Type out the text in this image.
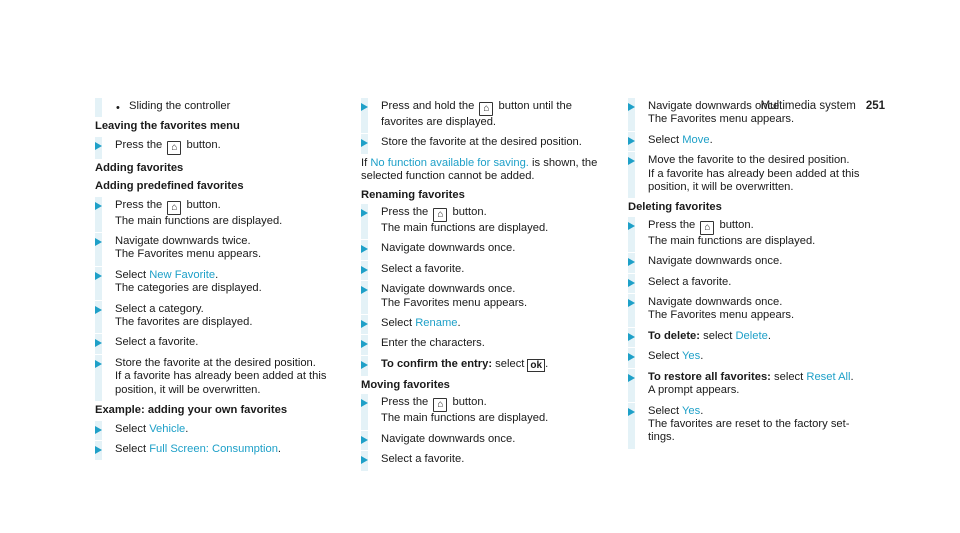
Multimedia system 251
• Sliding the controller
Leaving the favorites menu
Press the ⌂ button.
Adding favorites
Adding predefined favorites
Press the ⌂ button.
The main functions are displayed.
Navigate downwards twice.
The Favorites menu appears.
Select New Favorite.
The categories are displayed.
Select a category.
The favorites are displayed.
Select a favorite.
Store the favorite at the desired position.
If a favorite has already been added at this
position, it will be overwritten.
Example: adding your own favorites
Select Vehicle.
Select Full Screen: Consumption.
Press and hold the ⌂ button until the
favorites are displayed.
Store the favorite at the desired position.
If No function available for saving. is shown, the
selected function cannot be added.
Renaming favorites
Press the ⌂ button.
The main functions are displayed.
Navigate downwards once.
Select a favorite.
Navigate downwards once.
The Favorites menu appears.
Select Rename.
Enter the characters.
To confirm the entry: select ok .
Moving favorites
Press the ⌂ button.
The main functions are displayed.
Navigate downwards once.
Select a favorite.
Navigate downwards once.
The Favorites menu appears.
Select Move.
Move the favorite to the desired position.
If a favorite has already been added at this
position, it will be overwritten.
Deleting favorites
Press the ⌂ button.
The main functions are displayed.
Navigate downwards once.
Select a favorite.
Navigate downwards once.
The Favorites menu appears.
To delete: select Delete.
Select Yes.
To restore all favorites: select Reset All.
A prompt appears.
Select Yes.
The favorites are reset to the factory set-
tings.
